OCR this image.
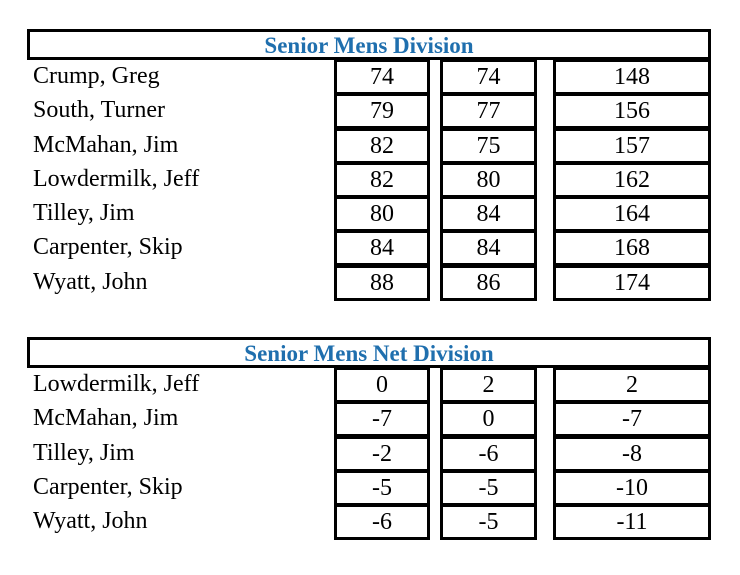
Senior Mens Division
Crump, Greg	74	74	148
South, Turner	79	77	156
McMahan, Jim	82	75	157
Lowdermilk, Jeff	82	80	162
Tilley, Jim	80	84	164
Carpenter, Skip	84	84	168
Wyatt, John	88	86	174
Senior Mens Net Division
Lowdermilk, Jeff	0	2	2
McMahan, Jim	-7	0	-7
Tilley, Jim	-2	-6	-8
Carpenter, Skip	-5	-5	-10
Wyatt, John	-6	-5	-11
